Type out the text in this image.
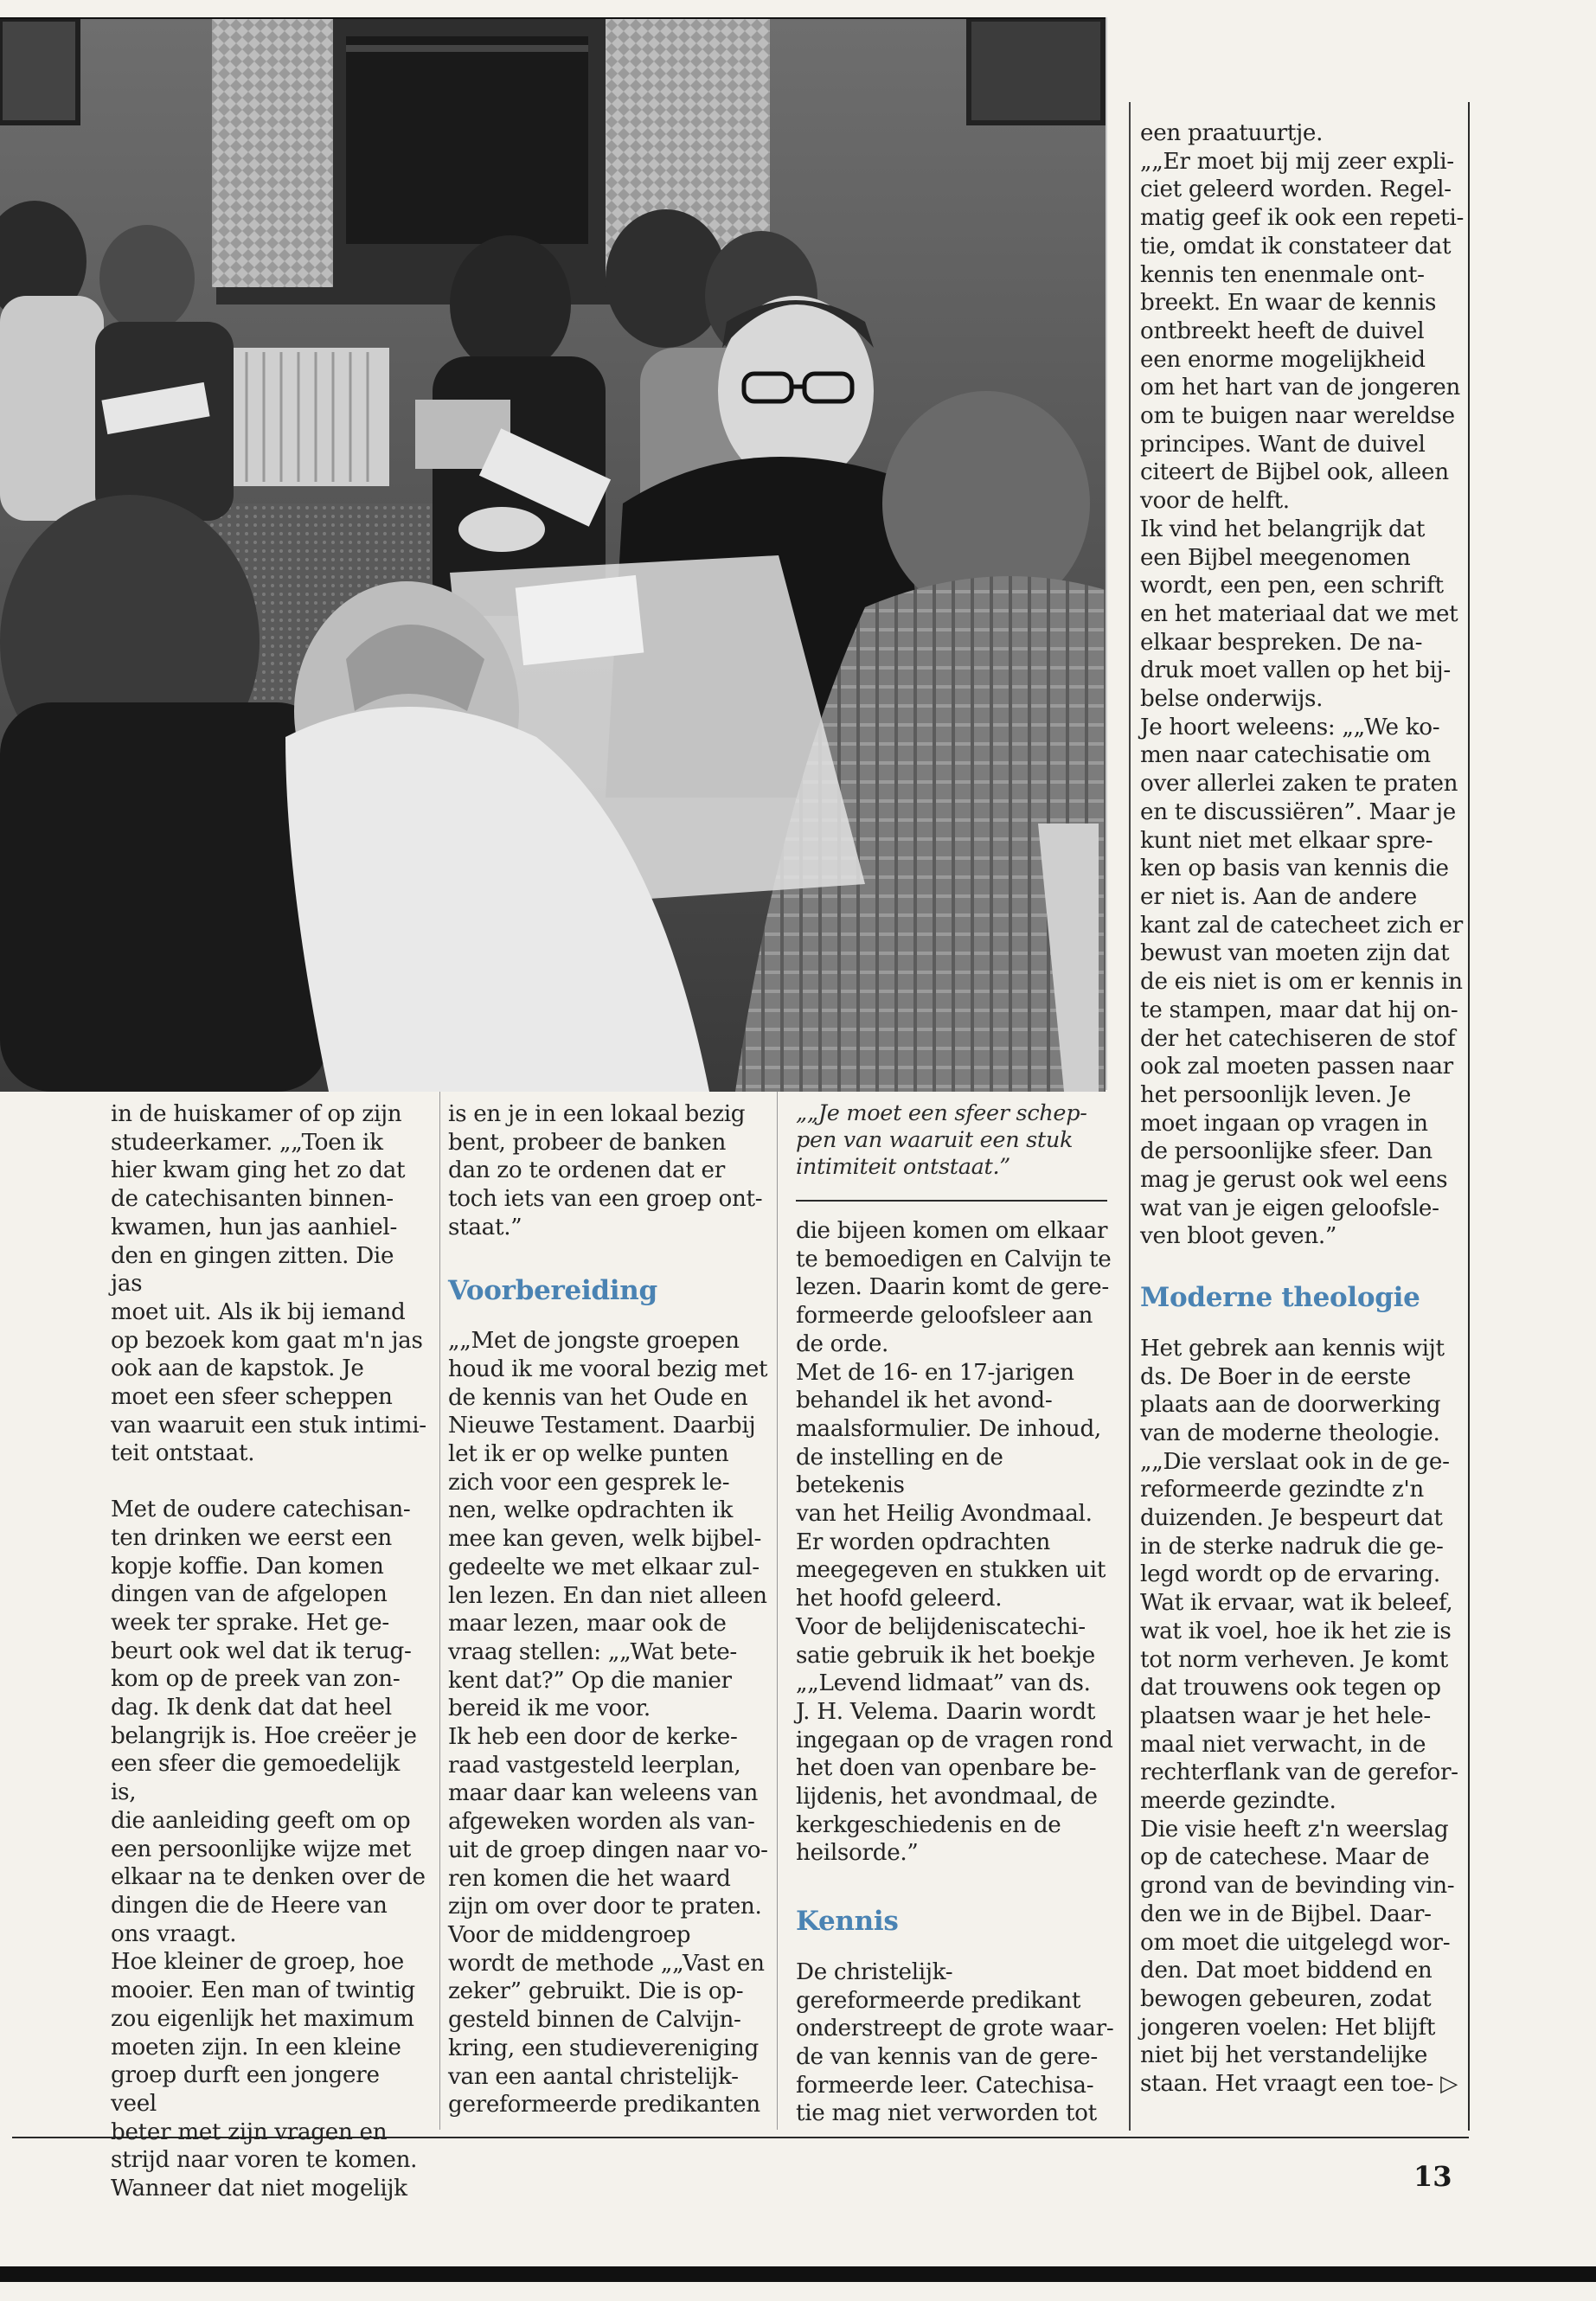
in de huiskamer of op zijn
studeerkamer. „„Toen ik
hier kwam ging het zo dat
de catechisanten binnen-
kwamen, hun jas aanhiel-
den en gingen zitten. Die jas
moet uit. Als ik bij iemand
op bezoek kom gaat m'n jas
ook aan de kapstok. Je
moet een sfeer scheppen
van waaruit een stuk intimi-
teit ontstaat.

Met de oudere catechisan-
ten drinken we eerst een
kopje koffie. Dan komen
dingen van de afgelopen
week ter sprake. Het ge-
beurt ook wel dat ik terug-
kom op de preek van zon-
dag. Ik denk dat dat heel
belangrijk is. Hoe creëer je
een sfeer die gemoedelijk is,
die aanleiding geeft om op
een persoonlijke wijze met
elkaar na te denken over de
dingen die de Heere van
ons vraagt.
Hoe kleiner de groep, hoe
mooier. Een man of twintig
zou eigenlijk het maximum
moeten zijn. In een kleine
groep durft een jongere veel
beter met zijn vragen en
strijd naar voren te komen.
Wanneer dat niet mogelijk

is en je in een lokaal bezig
bent, probeer de banken
dan zo te ordenen dat er
toch iets van een groep ont-
staat.”

Voorbereiding

„„Met de jongste groepen
houd ik me vooral bezig met
de kennis van het Oude en
Nieuwe Testament. Daarbij
let ik er op welke punten
zich voor een gesprek le-
nen, welke opdrachten ik
mee kan geven, welk bijbel-
gedeelte we met elkaar zul-
len lezen. En dan niet alleen
maar lezen, maar ook de
vraag stellen: „„Wat bete-
kent dat?” Op die manier
bereid ik me voor.
Ik heb een door de kerke-
raad vastgesteld leerplan,
maar daar kan weleens van
afgeweken worden als van-
uit de groep dingen naar vo-
ren komen die het waard
zijn om over door te praten.
Voor de middengroep
wordt de methode „„Vast en
zeker” gebruikt. Die is op-
gesteld binnen de Calvijn-
kring, een studievereniging
van een aantal christelijk-
gereformeerde predikanten

„„Je moet een sfeer schep-
pen van waaruit een stuk
intimiteit ontstaat.”

die bijeen komen om elkaar
te bemoedigen en Calvijn te
lezen. Daarin komt de gere-
formeerde geloofsleer aan
de orde.
Met de 16- en 17-jarigen
behandel ik het avond-
maalsformulier. De inhoud,
de instelling en de betekenis
van het Heilig Avondmaal.
Er worden opdrachten
meegegeven en stukken uit
het hoofd geleerd.
Voor de belijdeniscatechi-
satie gebruik ik het boekje
„„Levend lidmaat” van ds.
J. H. Velema. Daarin wordt
ingegaan op de vragen rond
het doen van openbare be-
lijdenis, het avondmaal, de
kerkgeschiedenis en de
heilsorde.”

Kennis

De christelijk-
gereformeerde predikant
onderstreept de grote waar-
de van kennis van de gere-
formeerde leer. Catechisa-
tie mag niet verworden tot

een praatuurtje.
„„Er moet bij mij zeer expli-
ciet geleerd worden. Regel-
matig geef ik ook een repeti-
tie, omdat ik constateer dat
kennis ten enenmale ont-
breekt. En waar de kennis
ontbreekt heeft de duivel
een enorme mogelijkheid
om het hart van de jongeren
om te buigen naar wereldse
principes. Want de duivel
citeert de Bijbel ook, alleen
voor de helft.
Ik vind het belangrijk dat
een Bijbel meegenomen
wordt, een pen, een schrift
en het materiaal dat we met
elkaar bespreken. De na-
druk moet vallen op het bij-
belse onderwijs.
Je hoort weleens: „„We ko-
men naar catechisatie om
over allerlei zaken te praten
en te discussiëren”. Maar je
kunt niet met elkaar spre-
ken op basis van kennis die
er niet is. Aan de andere
kant zal de catecheet zich er
bewust van moeten zijn dat
de eis niet is om er kennis in
te stampen, maar dat hij on-
der het catechiseren de stof
ook zal moeten passen naar
het persoonlijk leven. Je
moet ingaan op vragen in
de persoonlijke sfeer. Dan
mag je gerust ook wel eens
wat van je eigen geloofsle-
ven bloot geven.”

Moderne theologie

Het gebrek aan kennis wijt
ds. De Boer in de eerste
plaats aan de doorwerking
van de moderne theologie.
„„Die verslaat ook in de ge-
reformeerde gezindte z'n
duizenden. Je bespeurt dat
in de sterke nadruk die ge-
legd wordt op de ervaring.
Wat ik ervaar, wat ik beleef,
wat ik voel, hoe ik het zie is
tot norm verheven. Je komt
dat trouwens ook tegen op
plaatsen waar je het hele-
maal niet verwacht, in de
rechterflank van de gerefor-
meerde gezindte.
Die visie heeft z'n weerslag
op de catechese. Maar de
grond van de bevinding vin-
den we in de Bijbel. Daar-
om moet die uitgelegd wor-
den. Dat moet biddend en
bewogen gebeuren, zodat
jongeren voelen: Het blijft
niet bij het verstandelijke
staan. Het vraagt een toe- ▷

13
